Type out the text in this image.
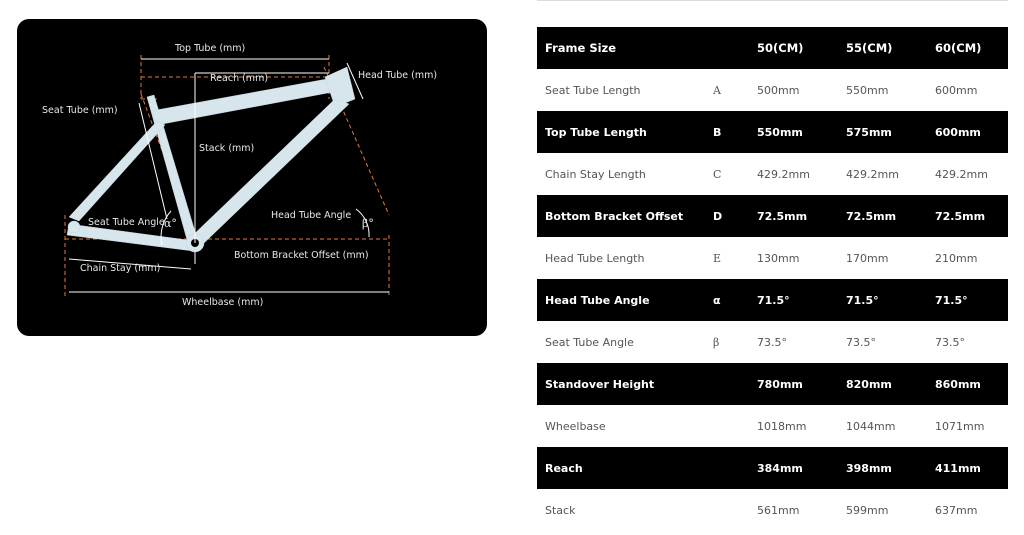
Top Tube (mm)
Reach (mm)	Head Tube (mm)
Seat Tube (mm)
Stack (mm)
Seat Tube Angle α°
Head Tube Angle
β°
Chain Stay (mm)
Bottom Bracket Offset (mm)
Wheelbase (mm)
Frame Size		50(CM)	55(CM)	60(CM)
Seat Tube Length	A	500mm	550mm	600mm
Top Tube Length	B	550mm	575mm	600mm
Chain Stay Length	C	429.2mm	429.2mm	429.2mm
Bottom Bracket Offset	D	72.5mm	72.5mm	72.5mm
Head Tube Length	E	130mm	170mm	210mm
Head Tube Angle	α	71.5°	71.5°	71.5°
Seat Tube Angle	β	73.5°	73.5°	73.5°
Standover Height		780mm	820mm	860mm
Wheelbase		1018mm	1044mm	1071mm
Reach		384mm	398mm	411mm
Stack		561mm	599mm	637mm
